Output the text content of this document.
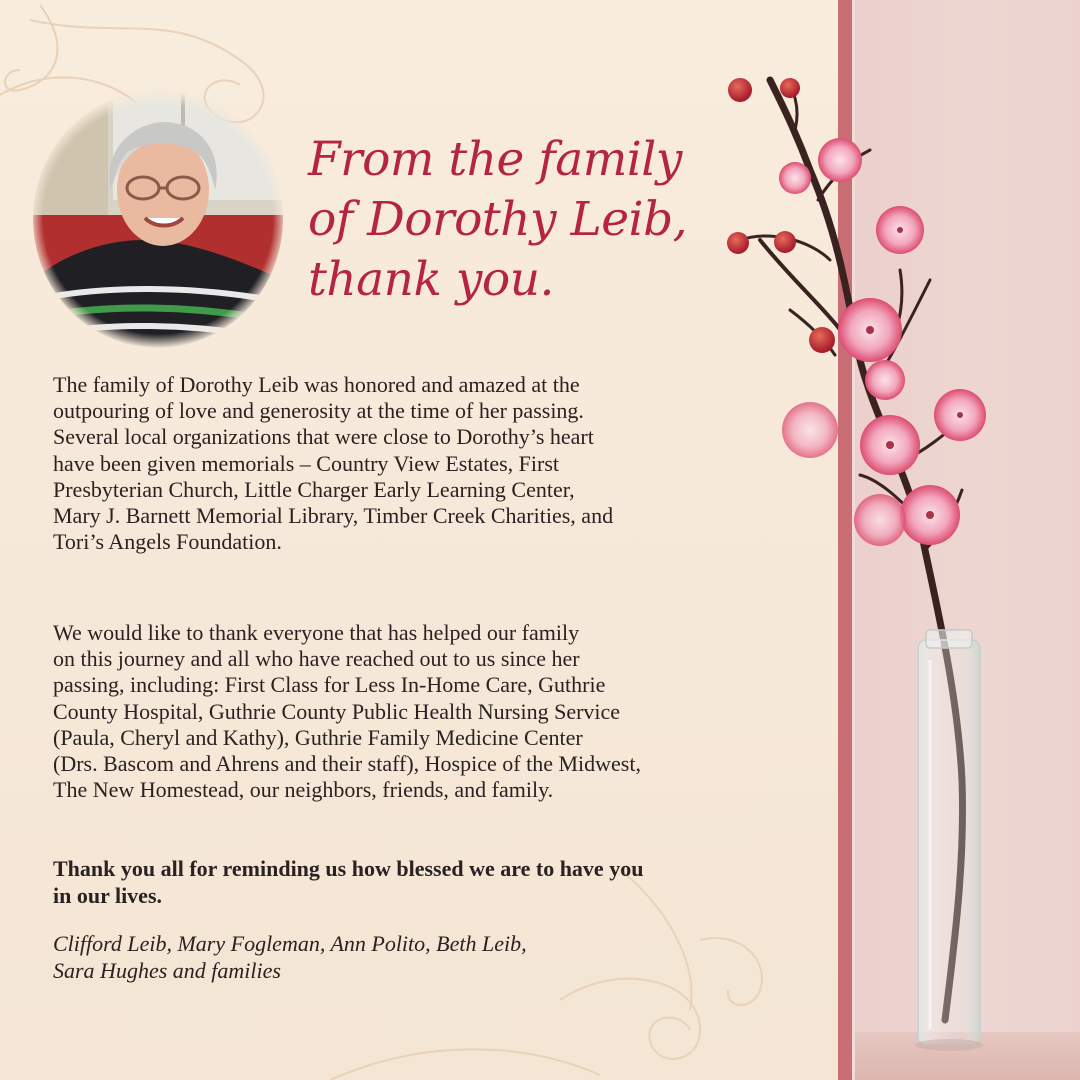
From the family
of Dorothy Leib,
thank you.

The family of Dorothy Leib was honored and amazed at the
outpouring of love and generosity at the time of her passing.
Several local organizations that were close to Dorothy’s heart
have been given memorials – Country View Estates, First
Presbyterian Church, Little Charger Early Learning Center,
Mary J. Barnett Memorial Library, Timber Creek Charities, and
Tori’s Angels Foundation.

We would like to thank everyone that has helped our family
on this journey and all who have reached out to us since her
passing, including: First Class for Less In-Home Care, Guthrie
County Hospital, Guthrie County Public Health Nursing Service
(Paula, Cheryl and Kathy), Guthrie Family Medicine Center
(Drs. Bascom and Ahrens and their staff), Hospice of the Midwest,
The New Homestead, our neighbors, friends, and family.

Thank you all for reminding us how blessed we are to have you
in our lives.

Clifford Leib, Mary Fogleman, Ann Polito, Beth Leib,
Sara Hughes and families
